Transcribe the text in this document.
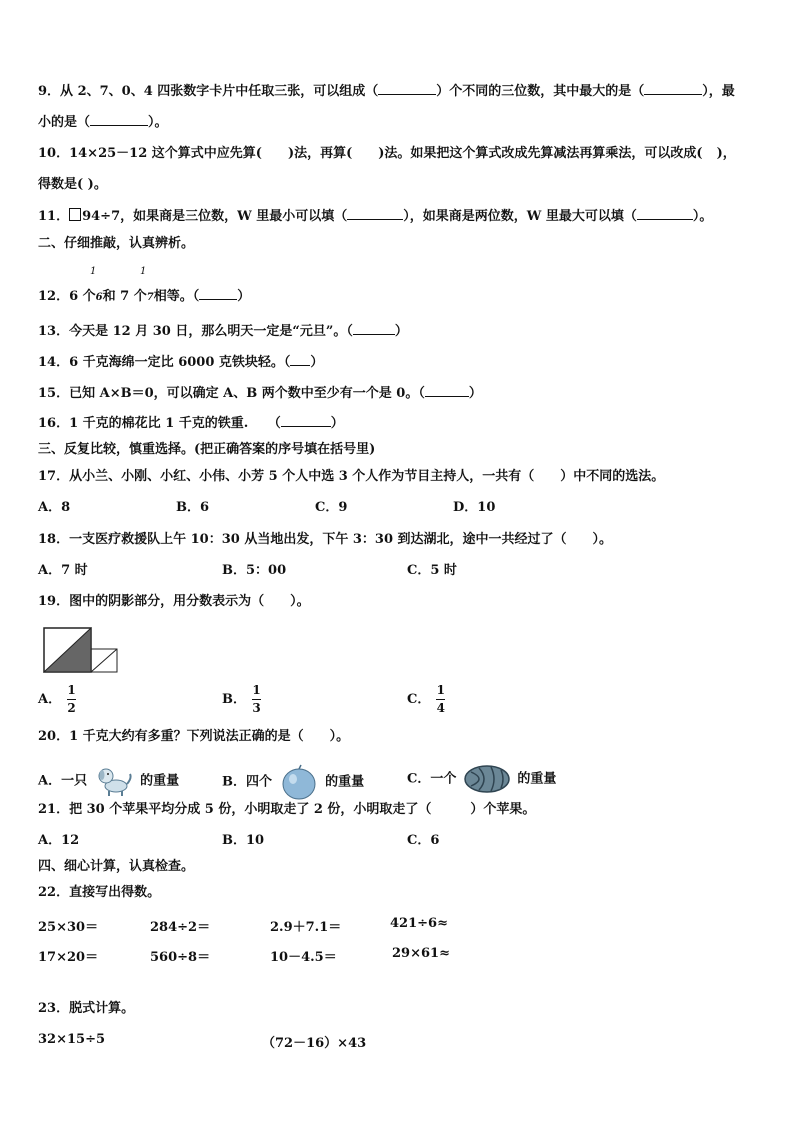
9．从 2、7、0、4 四张数字卡片中任取三张，可以组成（	）个不同的三位数，其中最大的是（	），最
小的是（	）。
10．14×25－12 这个算式中应先算( )法，再算( )法。如果把这个算式改成先算减法再算乘法，可以改成( )，
得数是( )。
11． 94÷7，如果商是三位数，W 里最小可以填（	），如果商是两位数，W 里最大可以填（	）。
二、仔细推敲，认真辨析。
1	1
12．6 个6和 7 个7相等。（	）
13．今天是 12 月 30 日，那么明天一定是“元旦”。（	）
14．6 千克海绵一定比 6000 克铁块轻。（ ）
15．已知 A×B＝0，可以确定 A、B 两个数中至少有一个是 0。（	）
16．1 千克的棉花比 1 千克的铁重.　　（	）
三、反复比较，慎重选择。(把正确答案的序号填在括号里)
17．从小兰、小刚、小红、小伟、小芳 5 个人中选 3 个人作为节目主持人，一共有（　　）中不同的选法。
A．8	B．6	C．9	D．10
18．一支医疗救援队上午 10：30 从当地出发，下午 3：30 到达湖北，途中一共经过了（　　）。
A．7 时	B．5：00	C．5 时
19．图中的阴影部分，用分数表示为（　　）。
A． $\frac{1}{2}$	B． $\frac{1}{3}$	C． $\frac{1}{4}$
20．1 千克大约有多重？下列说法正确的是（　　）。
A．一只	的重量	B．四个	的重量	C．一个	的重量
21．把 30 个苹果平均分成 5 份，小明取走了 2 份，小明取走了（　　　）个苹果。
A．12	B．10	C．6
四、细心计算，认真检查。
22．直接写出得数。
25×30＝	284÷2＝	2.9＋7.1＝	421÷6≈
17×20＝	560÷8＝	10－4.5＝	29×61≈
23．脱式计算。
32×15÷5	（72－16）×43
